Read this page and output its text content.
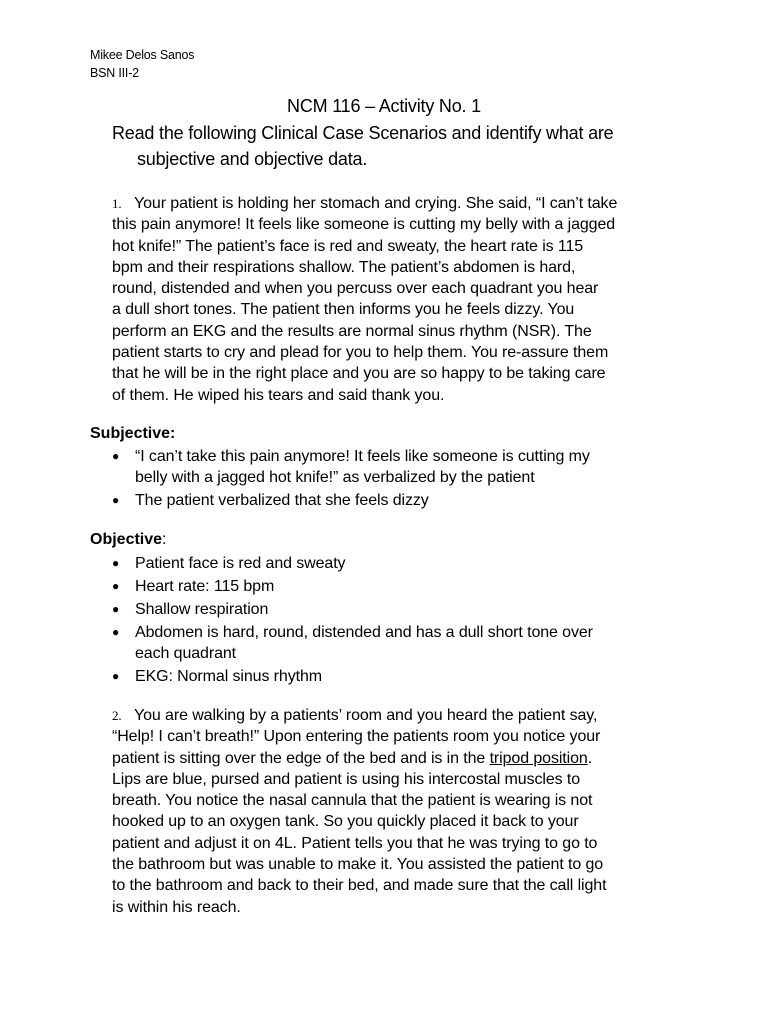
Mikee Delos Sanos
BSN III-2
NCM 116 – Activity No. 1
Read the following Clinical Case Scenarios and identify what are
subjective and objective data.
1. Your patient is holding her stomach and crying. She said, “I can’t take
this pain anymore! It feels like someone is cutting my belly with a jagged
hot knife!” The patient’s face is red and sweaty, the heart rate is 115
bpm and their respirations shallow. The patient’s abdomen is hard,
round, distended and when you percuss over each quadrant you hear
a dull short tones. The patient then informs you he feels dizzy. You
perform an EKG and the results are normal sinus rhythm (NSR). The
patient starts to cry and plead for you to help them. You re-assure them
that he will be in the right place and you are so happy to be taking care
of them. He wiped his tears and said thank you.
Subjective:
● “I can’t take this pain anymore! It feels like someone is cutting my
belly with a jagged hot knife!” as verbalized by the patient
● The patient verbalized that she feels dizzy
Objective:
● Patient face is red and sweaty
● Heart rate: 115 bpm
● Shallow respiration
● Abdomen is hard, round, distended and has a dull short tone over
each quadrant
● EKG: Normal sinus rhythm
2. You are walking by a patients’ room and you heard the patient say,
“Help! I can’t breath!” Upon entering the patients room you notice your
patient is sitting over the edge of the bed and is in the tripod position.
Lips are blue, pursed and patient is using his intercostal muscles to
breath. You notice the nasal cannula that the patient is wearing is not
hooked up to an oxygen tank. So you quickly placed it back to your
patient and adjust it on 4L. Patient tells you that he was trying to go to
the bathroom but was unable to make it. You assisted the patient to go
to the bathroom and back to their bed, and made sure that the call light
is within his reach.
